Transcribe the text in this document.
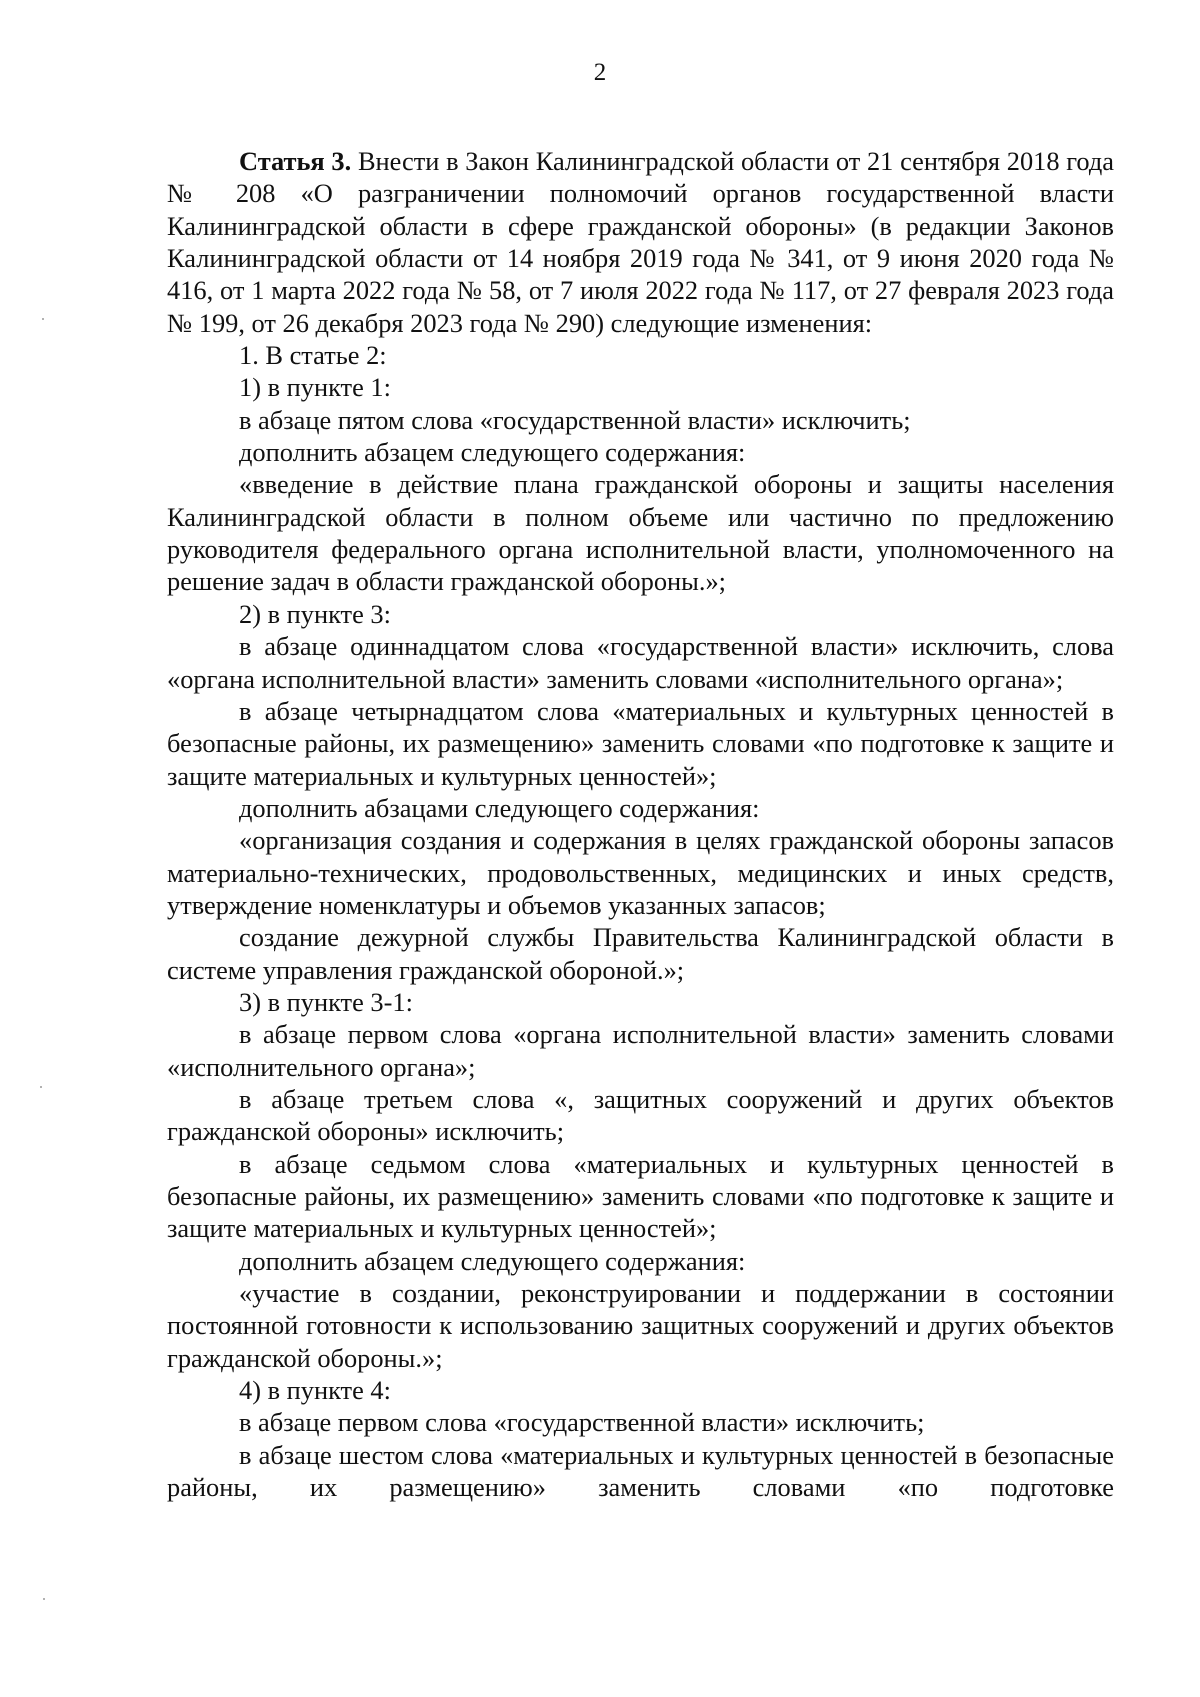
2

Статья 3. Внести в Закон Калининградской области от 21 сентября 2018 года № 208 «О разграничении полномочий органов государственной власти Калининградской области в сфере гражданской обороны» (в редакции Законов Калининградской области от 14 ноября 2019 года № 341, от 9 июня 2020 года № 416, от 1 марта 2022 года № 58, от 7 июля 2022 года № 117, от 27 февраля 2023 года № 199, от 26 декабря 2023 года № 290) следующие изменения:

1. В статье 2:

1) в пункте 1:

в абзаце пятом слова «государственной власти» исключить;

дополнить абзацем следующего содержания:

«введение в действие плана гражданской обороны и защиты населения Калининградской области в полном объеме или частично по предложению руководителя федерального органа исполнительной власти, уполномоченного на решение задач в области гражданской обороны.»;

2) в пункте 3:

в абзаце одиннадцатом слова «государственной власти» исключить, слова «органа исполнительной власти» заменить словами «исполнительного органа»;

в абзаце четырнадцатом слова «материальных и культурных ценностей в безопасные районы, их размещению» заменить словами «по подготовке к защите и защите материальных и культурных ценностей»;

дополнить абзацами следующего содержания:

«организация создания и содержания в целях гражданской обороны запасов материально-технических, продовольственных, медицинских и иных средств, утверждение номенклатуры и объемов указанных запасов;

создание дежурной службы Правительства Калининградской области в системе управления гражданской обороной.»;

3) в пункте 3-1:

в абзаце первом слова «органа исполнительной власти» заменить словами «исполнительного органа»;

в абзаце третьем слова «, защитных сооружений и других объектов гражданской обороны» исключить;

в абзаце седьмом слова «материальных и культурных ценностей в безопасные районы, их размещению» заменить словами «по подготовке к защите и защите материальных и культурных ценностей»;

дополнить абзацем следующего содержания:

«участие в создании, реконструировании и поддержании в состоянии постоянной готовности к использованию защитных сооружений и других объектов гражданской обороны.»;

4) в пункте 4:

в абзаце первом слова «государственной власти» исключить;

в абзаце шестом слова «материальных и культурных ценностей в безопасные районы, их размещению» заменить словами «по подготовке
